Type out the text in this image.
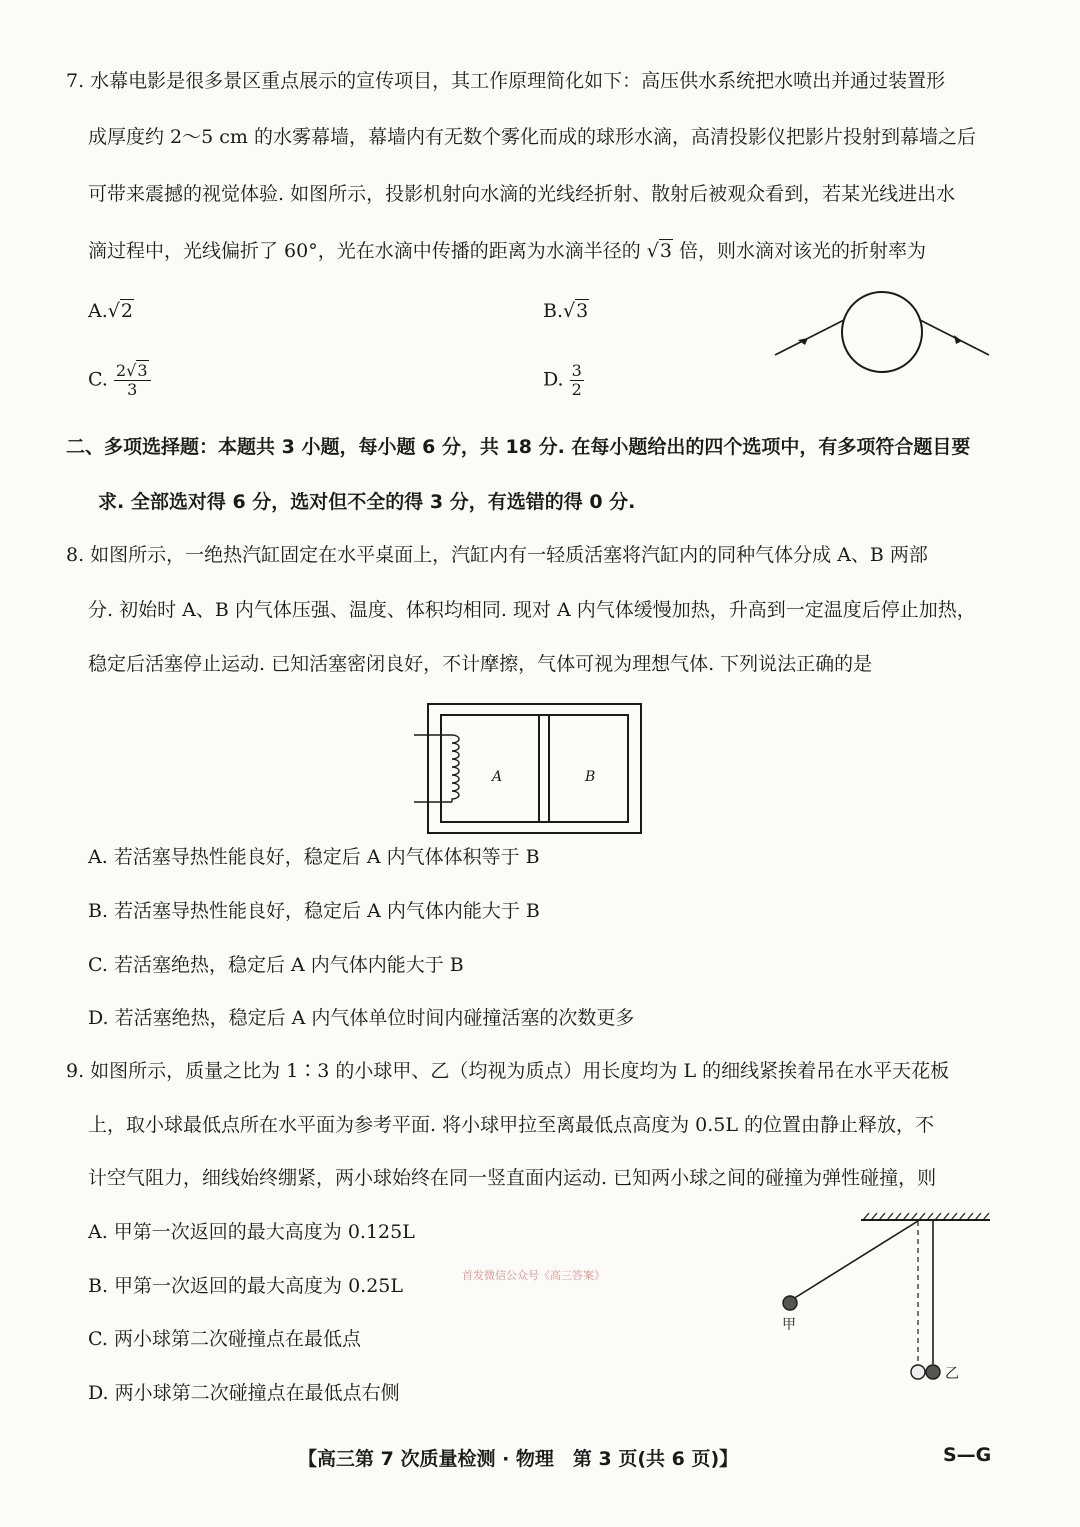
7. 水幕电影是很多景区重点展示的宣传项目，其工作原理简化如下：高压供水系统把水喷出并通过装置形
成厚度约 2～5 cm 的水雾幕墙，幕墙内有无数个雾化而成的球形水滴，高清投影仪把影片投射到幕墙之后
可带来震撼的视觉体验. 如图所示，投影机射向水滴的光线经折射、散射后被观众看到，若某光线进出水
滴过程中，光线偏折了 60°，光在水滴中传播的距离为水滴半径的 √3 倍，则水滴对该光的折射率为
A.√2	B.√3
C. $\frac{2√3}{3}$	D. $\frac{3}{2}$
二、多项选择题：本题共 3 小题，每小题 6 分，共 18 分. 在每小题给出的四个选项中，有多项符合题目要
求. 全部选对得 6 分，选对但不全的得 3 分，有选错的得 0 分.
8. 如图所示，一绝热汽缸固定在水平桌面上，汽缸内有一轻质活塞将汽缸内的同种气体分成 A、B 两部
分. 初始时 A、B 内气体压强、温度、体积均相同. 现对 A 内气体缓慢加热，升高到一定温度后停止加热，
稳定后活塞停止运动. 已知活塞密闭良好，不计摩擦，气体可视为理想气体. 下列说法正确的是
A	B
A. 若活塞导热性能良好，稳定后 A 内气体体积等于 B
B. 若活塞导热性能良好，稳定后 A 内气体内能大于 B
C. 若活塞绝热，稳定后 A 内气体内能大于 B
D. 若活塞绝热，稳定后 A 内气体单位时间内碰撞活塞的次数更多
9. 如图所示，质量之比为 1∶3 的小球甲、乙（均视为质点）用长度均为 L 的细线紧挨着吊在水平天花板
上，取小球最低点所在水平面为参考平面. 将小球甲拉至离最低点高度为 0.5L 的位置由静止释放，不
计空气阻力，细线始终绷紧，两小球始终在同一竖直面内运动. 已知两小球之间的碰撞为弹性碰撞，则
A. 甲第一次返回的最大高度为 0.125L
B. 甲第一次返回的最大高度为 0.25L
C. 两小球第二次碰撞点在最低点
D. 两小球第二次碰撞点在最低点右侧
首发微信公众号《高三答案》
甲
乙
【高三第 7 次质量检测 · 物理　第 3 页(共 6 页)】	S—G
